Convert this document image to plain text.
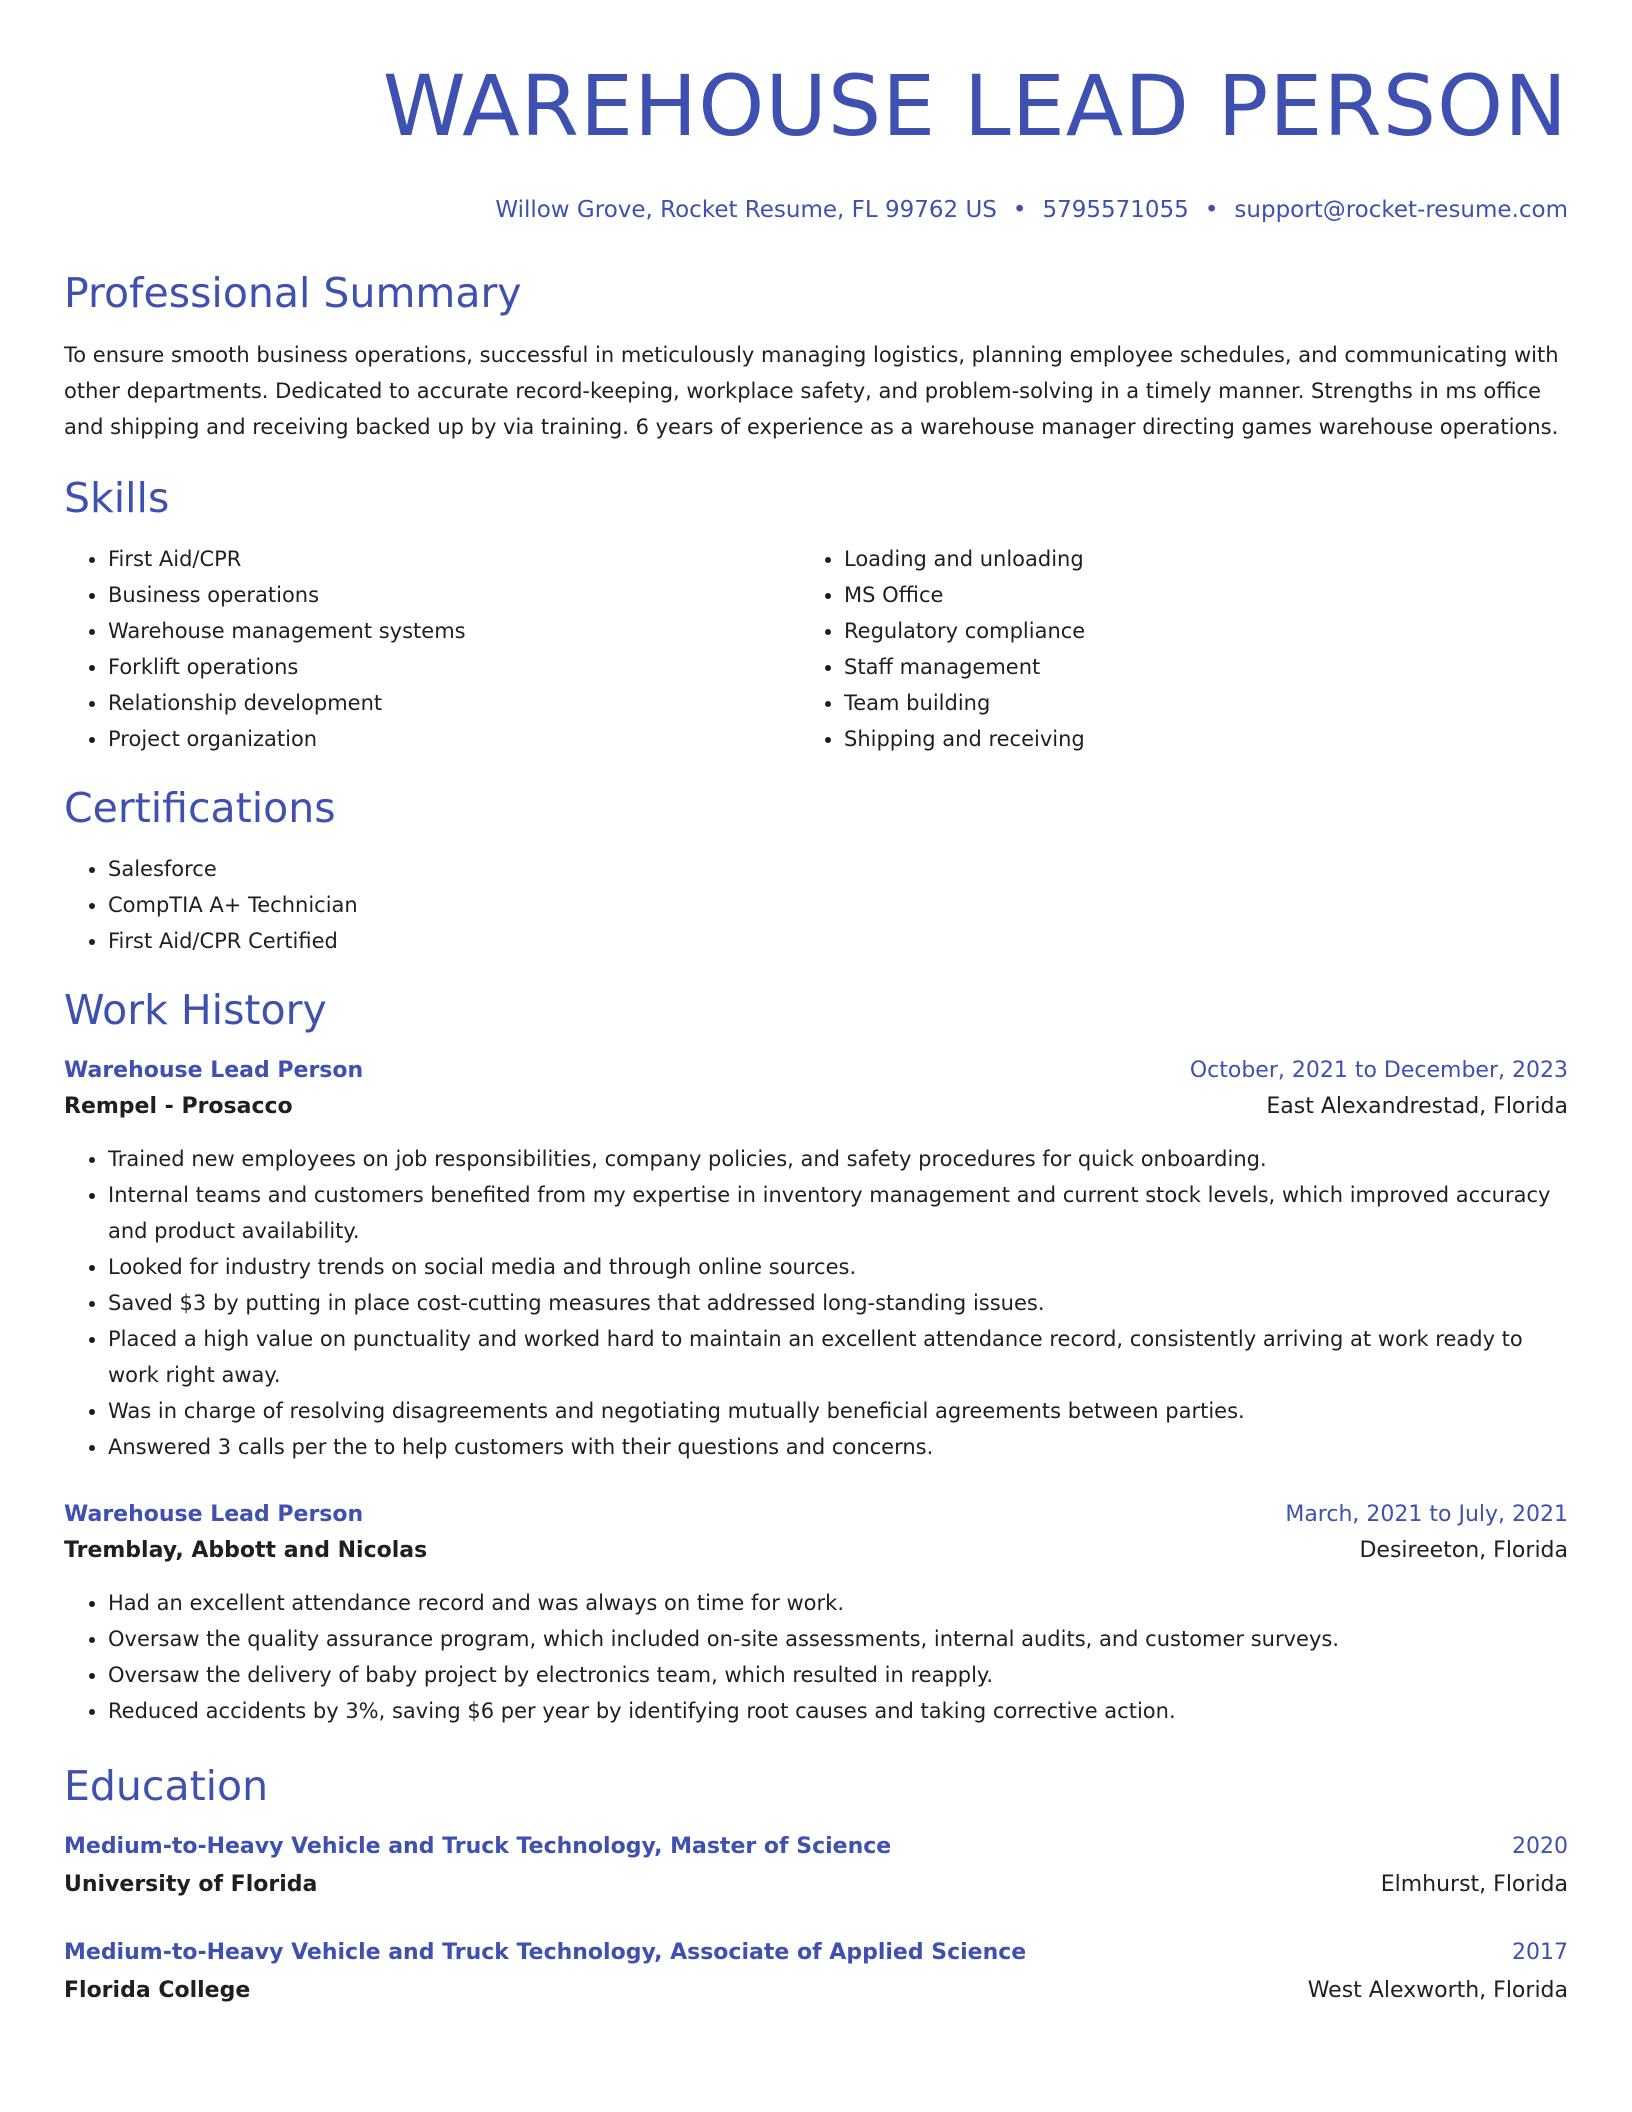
WAREHOUSE LEAD PERSON
Willow Grove, Rocket Resume, FL 99762 US • 5795571055 • support@rocket-resume.com
Professional Summary

To ensure smooth business operations, successful in meticulously managing logistics, planning employee schedules, and communicating with other departments. Dedicated to accurate record-keeping, workplace safety, and problem-solving in a timely manner. Strengths in ms office and shipping and receiving backed up by via training. 6 years of experience as a warehouse manager directing games warehouse operations.

Skills
• First Aid/CPR
• Business operations
• Warehouse management systems
• Forklift operations
• Relationship development
• Project organization
• Loading and unloading
• MS Office
• Regulatory compliance
• Staff management
• Team building
• Shipping and receiving
Certifications
• Salesforce
• CompTIA A+ Technician
• First Aid/CPR Certified
Work History
Warehouse Lead Person	October, 2021 to December, 2023
Rempel - Prosacco	East Alexandrestad, Florida
• Trained new employees on job responsibilities, company policies, and safety procedures for quick onboarding.
• Internal teams and customers benefited from my expertise in inventory management and current stock levels, which improved accuracy and product availability.
• Looked for industry trends on social media and through online sources.
• Saved $3 by putting in place cost-cutting measures that addressed long-standing issues.
• Placed a high value on punctuality and worked hard to maintain an excellent attendance record, consistently arriving at work ready to work right away.
• Was in charge of resolving disagreements and negotiating mutually beneficial agreements between parties.
• Answered 3 calls per the to help customers with their questions and concerns.
Warehouse Lead Person	March, 2021 to July, 2021
Tremblay, Abbott and Nicolas	Desireeton, Florida
• Had an excellent attendance record and was always on time for work.
• Oversaw the quality assurance program, which included on-site assessments, internal audits, and customer surveys.
• Oversaw the delivery of baby project by electronics team, which resulted in reapply.
• Reduced accidents by 3%, saving $6 per year by identifying root causes and taking corrective action.
Education
Medium-to-Heavy Vehicle and Truck Technology, Master of Science	2020
University of Florida	Elmhurst, Florida
Medium-to-Heavy Vehicle and Truck Technology, Associate of Applied Science	2017
Florida College	West Alexworth, Florida
